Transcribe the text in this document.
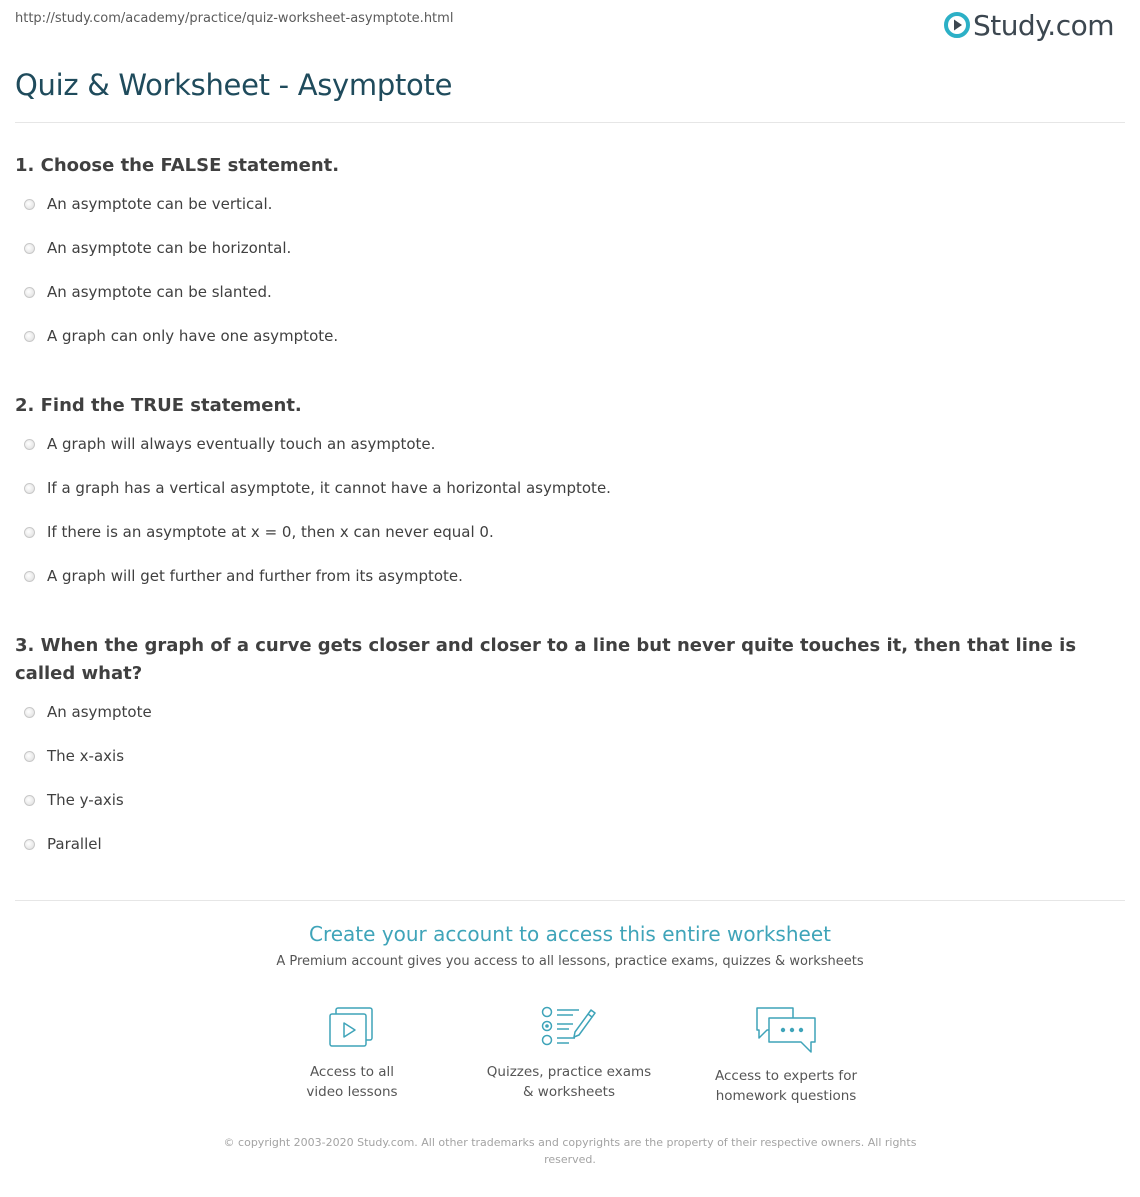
http://study.com/academy/practice/quiz-worksheet-asymptote.html	Study.com
Quiz & Worksheet - Asymptote

1. Choose the FALSE statement.

An asymptote can be vertical.
An asymptote can be horizontal.
An asymptote can be slanted.
A graph can only have one asymptote.

2. Find the TRUE statement.

A graph will always eventually touch an asymptote.
If a graph has a vertical asymptote, it cannot have a horizontal asymptote.
If there is an asymptote at x = 0, then x can never equal 0.
A graph will get further and further from its asymptote.

3. When the graph of a curve gets closer and closer to a line but never quite touches it, then that line is called what?

An asymptote
The x-axis
The y-axis
Parallel
Create your account to access this entire worksheet
A Premium account gives you access to all lessons, practice exams, quizzes & worksheets
Access to all
video lessons
Quizzes, practice exams
& worksheets
Access to experts for
homework questions
© copyright 2003-2020 Study.com. All other trademarks and copyrights are the property of their respective owners. All rights reserved.
